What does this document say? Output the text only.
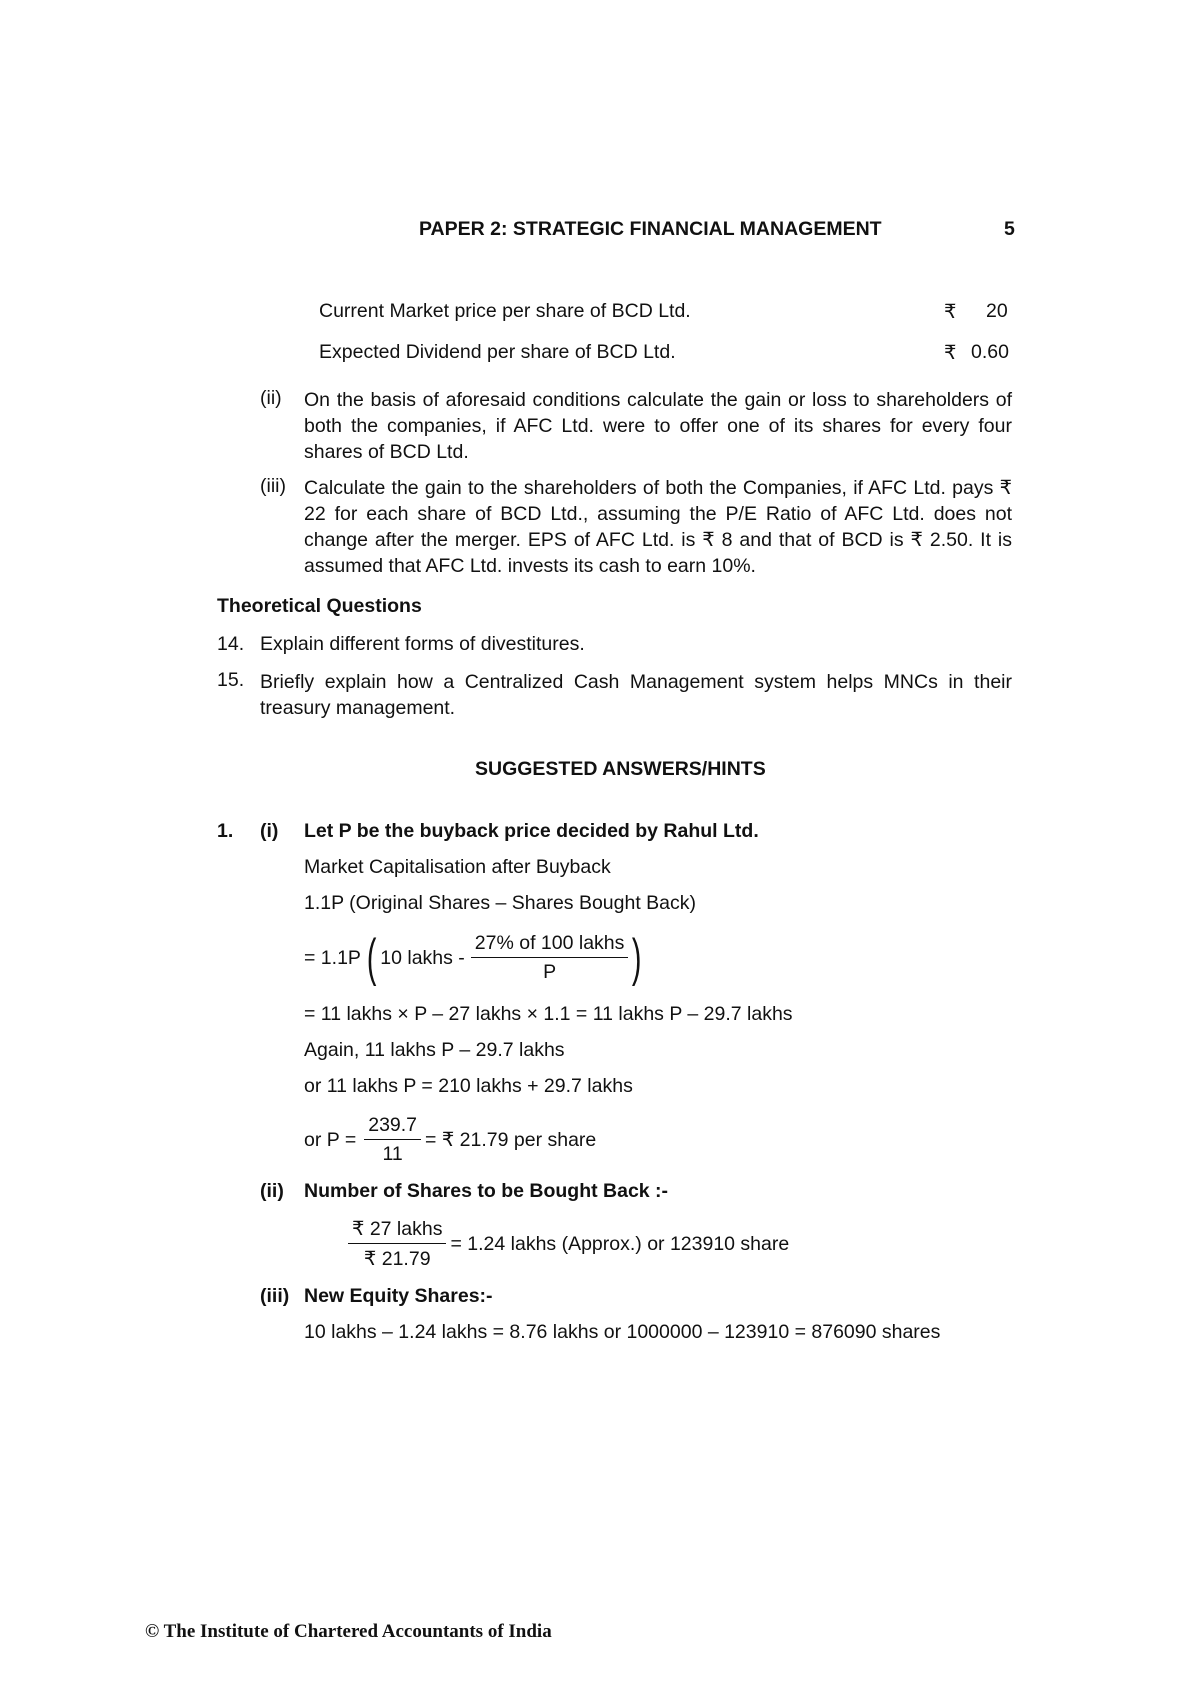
PAPER 2: STRATEGIC FINANCIAL MANAGEMENT	5
Current Market price per share of BCD Ltd.	₹ 20
Expected Dividend per share of BCD Ltd.	₹ 0.60
(ii) On the basis of aforesaid conditions calculate the gain or loss to shareholders of both the companies, if AFC Ltd. were to offer one of its shares for every four shares of BCD Ltd.
(iii) Calculate the gain to the shareholders of both the Companies, if AFC Ltd. pays ₹ 22 for each share of BCD Ltd., assuming the P/E Ratio of AFC Ltd. does not change after the merger. EPS of AFC Ltd. is ₹ 8 and that of BCD is ₹ 2.50. It is assumed that AFC Ltd. invests its cash to earn 10%.
Theoretical Questions
14. Explain different forms of divestitures.
15. Briefly explain how a Centralized Cash Management system helps MNCs in their treasury management.
SUGGESTED ANSWERS/HINTS
1. (i) Let P be the buyback price decided by Rahul Ltd.
Market Capitalisation after Buyback
1.1P (Original Shares – Shares Bought Back)
= 1.1P ( 10 lakhs - $\frac{\text{27\% of 100 lakhs}}{P}$ )
= 11 lakhs × P – 27 lakhs × 1.1 = 11 lakhs P – 29.7 lakhs
Again, 11 lakhs P – 29.7 lakhs
or 11 lakhs P = 210 lakhs + 29.7 lakhs
or $P = \frac{239.7}{11}$ = ₹ 21.79 per share
(ii) Number of Shares to be Bought Back :-
$\frac{\text{₹ 27 lakhs}}{₹ 21.79} = 1.24$ lakhs (Approx.) or 123910 share
(iii) New Equity Shares:-
10 lakhs – 1.24 lakhs = 8.76 lakhs or 1000000 – 123910 = 876090 shares
© The Institute of Chartered Accountants of India
